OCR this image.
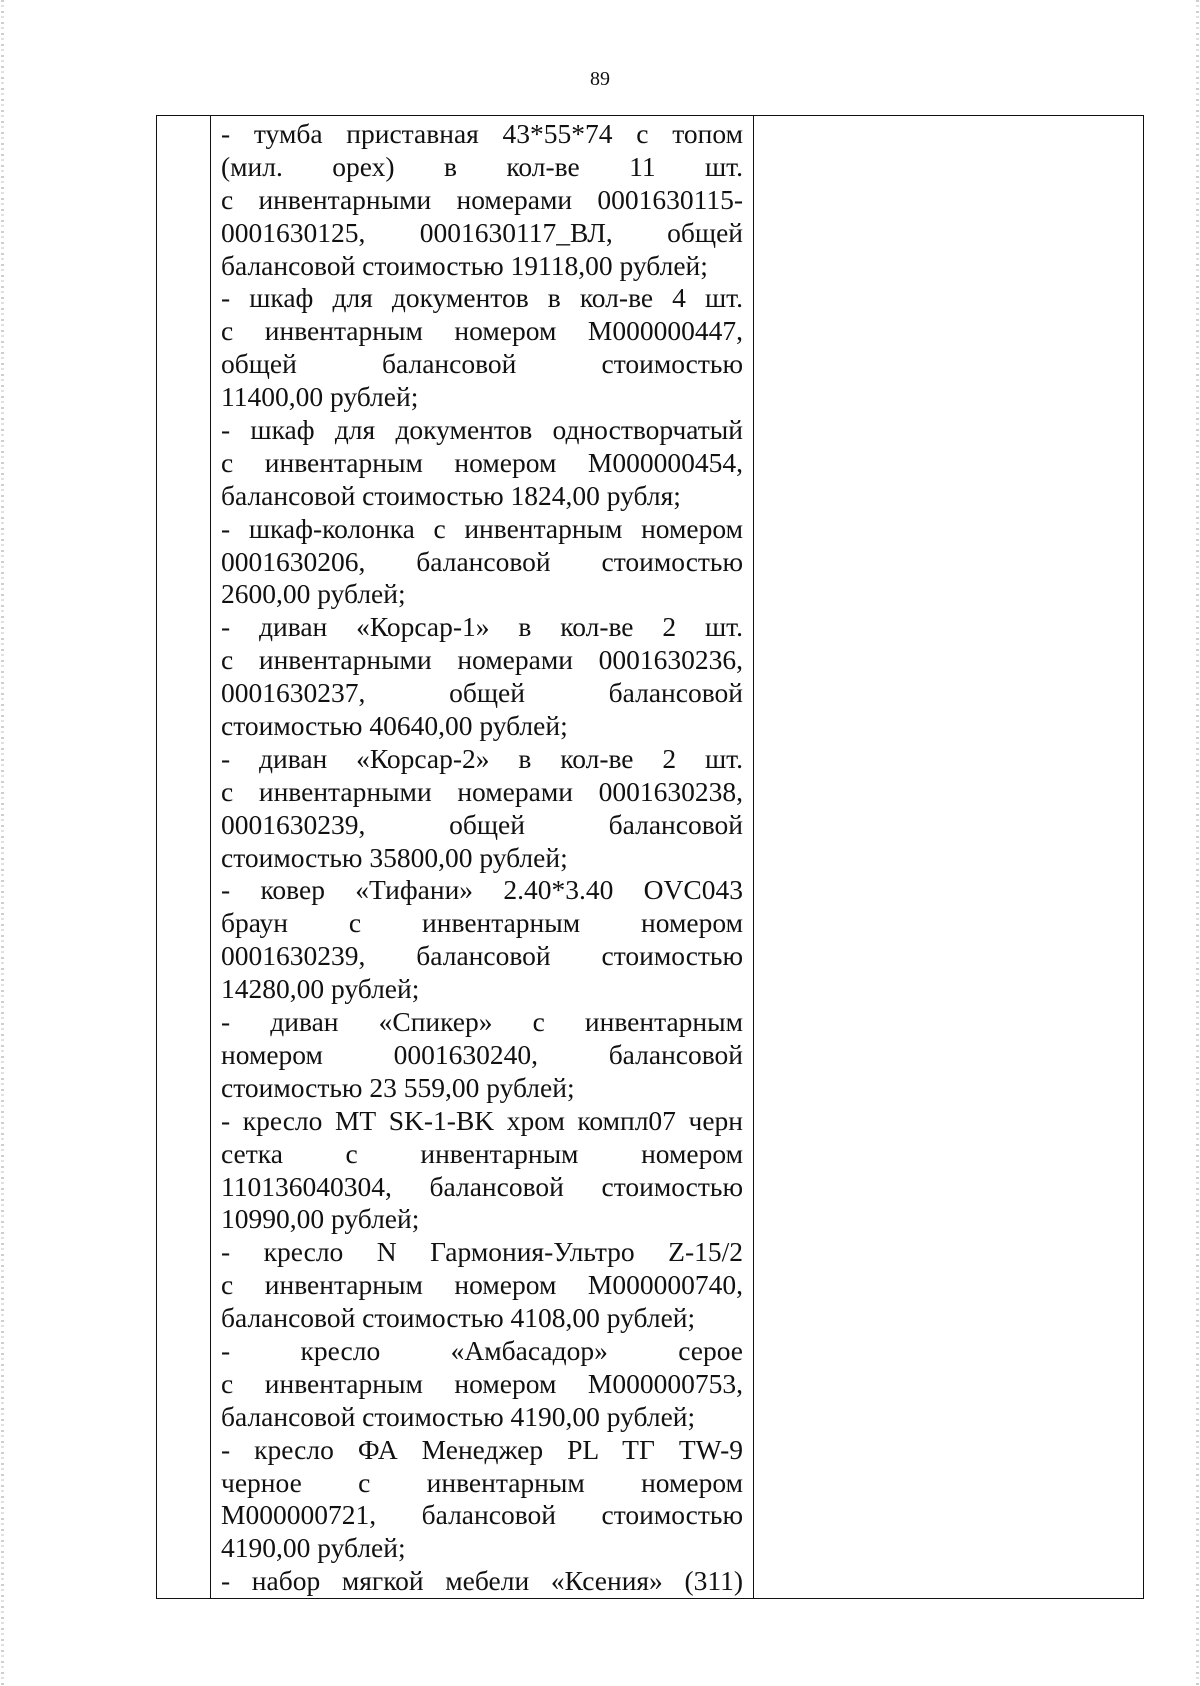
89

- тумба приставная 43*55*74 с топом
(мил. орех) в кол-ве 11 шт.
с инвентарными номерами 0001630115-
0001630125, 0001630117_ВЛ, общей
балансовой стоимостью 19118,00 рублей;
- шкаф для документов в кол-ве 4 шт.
с инвентарным номером М000000447,
общей балансовой стоимостью
11400,00 рублей;
- шкаф для документов одностворчатый
с инвентарным номером М000000454,
балансовой стоимостью 1824,00 рубля;
- шкаф-колонка с инвентарным номером
0001630206, балансовой стоимостью
2600,00 рублей;
- диван «Корсар-1» в кол-ве 2 шт.
с инвентарными номерами 0001630236,
0001630237, общей балансовой
стоимостью 40640,00 рублей;
- диван «Корсар-2» в кол-ве 2 шт.
с инвентарными номерами 0001630238,
0001630239, общей балансовой
стоимостью 35800,00 рублей;
- ковер «Тифани» 2.40*3.40 OVC043
браун с инвентарным номером
0001630239, балансовой стоимостью
14280,00 рублей;
- диван «Спикер» с инвентарным
номером 0001630240, балансовой
стоимостью 23 559,00 рублей;
- кресло МТ SK-1-BK хром компл07 черн
сетка с инвентарным номером
110136040304, балансовой стоимостью
10990,00 рублей;
- кресло N Гармония-Ультро Z-15/2
с инвентарным номером М000000740,
балансовой стоимостью 4108,00 рублей;
- кресло «Амбасадор» серое
с инвентарным номером М000000753,
балансовой стоимостью 4190,00 рублей;
- кресло ФА Менеджер PL ТГ TW-9
черное с инвентарным номером
М000000721, балансовой стоимостью
4190,00 рублей;
- набор мягкой мебели «Ксения» (311)
